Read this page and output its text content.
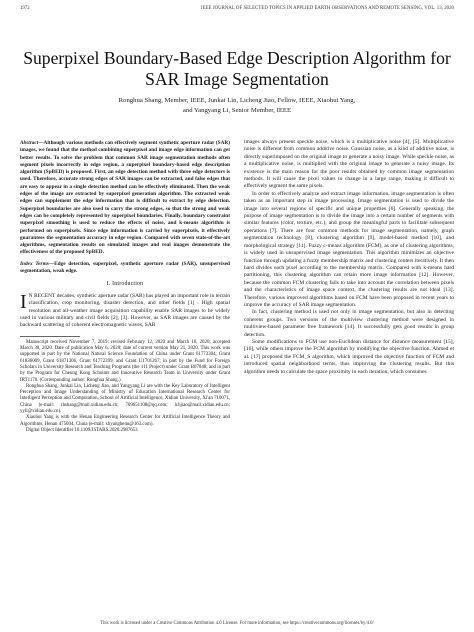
1972	IEEE JOURNAL OF SELECTED TOPICS IN APPLIED EARTH OBSERVATIONS AND REMOTE SENSING, VOL. 13, 2020
Superpixel Boundary-Based Edge Description Algorithm for SAR Image Segmentation
Ronghua Shang, Member, IEEE, Junkai Lin, Licheng Jiao, Fellow, IEEE, Xiaohui Yang,
and Yangyang Li, Senior Member, IEEE
Abstract—Although various methods can effectively segment synthetic aperture radar (SAR) images, we found that the method combining superpixel and image edge information can get better results. To solve the problem that common SAR image segmentation methods often segment pixels incorrectly in edge region, a superpixel boundary-based edge description algorithm (SpBED) is proposed. First, an edge detection method with three edge detectors is used. Therefore, accurate strong edges of SAR images can be extracted, and false edges that are easy to appear in a single detection method can be effectively eliminated. Then the weak edges of the image are extracted by superpixel generation algorithm. The extracted weak edges can supplement the edge information that is difficult to extract by edge detection. Superpixel boundaries are also used to carry the strong edges, so that the strong and weak edges can be completely represented by superpixel boundaries. Finally, boundary constraint superpixel smoothing is used to reduce the effects of noise, and k-means algorithm is performed on superpixels. Since edge information is carried by superpixels, it effectively guarantees the segmentation accuracy in edge region. Compared with seven state-of-the-art algorithms, segmentation results on simulated images and real images demonstrate the effectiveness of the proposed SpBED.
Index Terms—Edge detection, superpixel, synthetic aperture radar (SAR), unsupervised segmentation, weak edge.
I. Introduction

I N RECENT decades, synthetic aperture radar (SAR) has played an important role in terrain classification, crop monitoring, disaster detection, and other fields [1] . High spatial resolution and all-weather image acquisition capability enable SAR images to be widely used in various military and civil fields [2], [3]. However, as SAR images are caused by the backward scattering of coherent electromagnetic waves, SAR

Manuscript received November 7, 2019; revised February 12, 2020 and March 16, 2020; accepted March 30, 2020. Date of publication May 6, 2020; date of current version May 21, 2020. This work was supported in part by the National Natural Science Foundation of China under Grant 61773304, Grant 61836009, Grant 61871306, Grant 61772399, and Grant U1701267; in part by the Fund for Foreign Scholars in University Research and Teaching Programs (the 111 Project) under Grant B07048; and in part by the Program for Cheung Kong Scholars and Innovative Research Team in University under Grant IRT1170. (Corresponding author: Ronghua Shang.)

Ronghua Shang, Junkai Lin, Licheng Jiao, and Yangyang Li are with the Key Laboratory of Intelligent Perception and Image Understanding of Ministry of Education International Research Center for Intelligent Perception and Computation, School of Artificial Intelligence, Xidian University, Xi'an 710071, China (e-mail: rhshang@mail.xidian.edu.cn; 709651108@qq.com; lchjiao@mail.xidian.edu.cn; yyli@xidian.edu.cn).

Xiaohui Yang is with the Henan Engineering Research Center for Artificial Intelligence Theory and Algorithms, Henan 475004, China (e-mail: xhyanghenu@163.com).

Digital Object Identifier 10.1109/JSTARS.2020.2987653

images always present speckle noise, which is a multiplicative noise [4], [5]. Multiplicative noise is different from common additive noise. Gaussian noise, as a kind of additive noise, is directly superimposed on the original image to generate a noisy image. While speckle noise, as a multiplicative noise, is multiplied with the original image to generate a noisy image. Its existence is the main reason for the poor results obtained by common image segmentation methods. It will cause the pixel values to change in a large range, making it difficult to effectively segment the same pixels.

In order to effectively analyze and extract image information, image segmentation is often taken as an important step in image processing. Image segmentation is used to divide the image into several regions of specific and unique properties [6]. Generally speaking, the purpose of image segmentation is to divide the image into a certain number of segments with similar features (color, texture, etc.), and group the meaningful parts to facilitate subsequent operations [7]. There are four common methods for image segmentation, namely, graph segmentation technology [8], clustering algorithm [9], model-based method [10], and morphological strategy [11]. Fuzzy c-means algorithm (FCM), as one of clustering algorithms, is widely used in unsupervised image segmentation. This algorithm minimizes an objective function through updating a fuzzy membership matrix and clustering centers iteratively. It then hard divides each pixel according to the membership matrix. Compared with k-means hard partitioning, this clustering algorithm can retain more image information [12]. However, because the common FCM clustering fails to take into account the correlation between pixels and the characteristics of image space context, the clustering results are not ideal [13]. Therefore, various improved algorithms based on FCM have been proposed in recent years to improve the accuracy of SAR image segmentation.

In fact, clustering method is used not only in image segmentation, but also in detecting coherent groups. Two versions of the multiview clustering method were designed in multiview-based parameter free framework [14]. It successfully gets good results in group detection.

Some modifications to FCM use non-Euclidean distance for distance measurement [15], [16], while others improve the FCM algorithm by modifying the objective function. Ahmed et al. [17] proposed the FCM_S algorithm, which improved the objective function of FCM and introduced spatial neighborhood terms, thus improving the clustering results. But this algorithm needs to calculate the space proximity in each iteration, which consumes

This work is licensed under a Creative Commons Attribution 4.0 License. For more information, see https://creativecommons.org/licenses/by/4.0/
